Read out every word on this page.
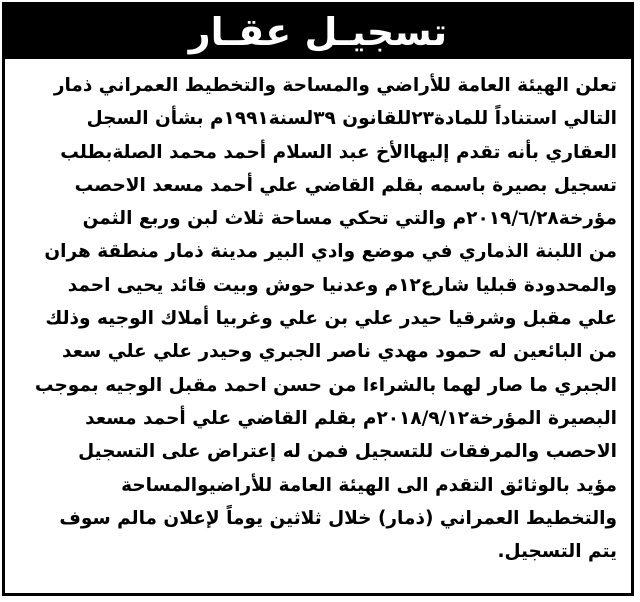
تسجيـل عقـار
تعلن الهيئة العامة للأراضي والمساحة والتخطيط العمراني ذمار
التالي استناداً للمادة٢٣للقانون ٣٩لسنة١٩٩١م بشأن السجل
العقاري بأنه تقدم إليهاالأخ عبد السلام أحمد محمد الصلةبطلب
تسجيل بصيرة باسمه بقلم القاضي علي أحمد مسعد الاحصب
مؤرخة٢٠١٩/٦/٢٨م والتي تحكي مساحة ثلاث لبن وربع الثمن
من اللبنة الذماري في موضع وادي البير مدينة ذمار منطقة هران
والمحدودة قبليا شارع١٢م وعدنيا حوش وبيت قائد يحيى احمد
علي مقبل وشرقيا حيدر علي بن علي وغربيا أملاك الوجيه وذلك
من البائعين له حمود مهدي ناصر الجبري وحيدر علي علي سعد
الجبري ما صار لهما بالشراءا من حسن احمد مقبل الوجيه بموجب
البصيرة المؤرخة٢٠١٨/٩/١٢م بقلم القاضي علي أحمد مسعد
الاحصب والمرفقات للتسجيل فمن له إعتراض على التسجيل
مؤيد بالوثائق التقدم الى الهيئة العامة للأراضيوالمساحة
والتخطيط العمراني (ذمار) خلال ثلاثين يوماً لإعلان مالم سوف
يتم التسجيل.
